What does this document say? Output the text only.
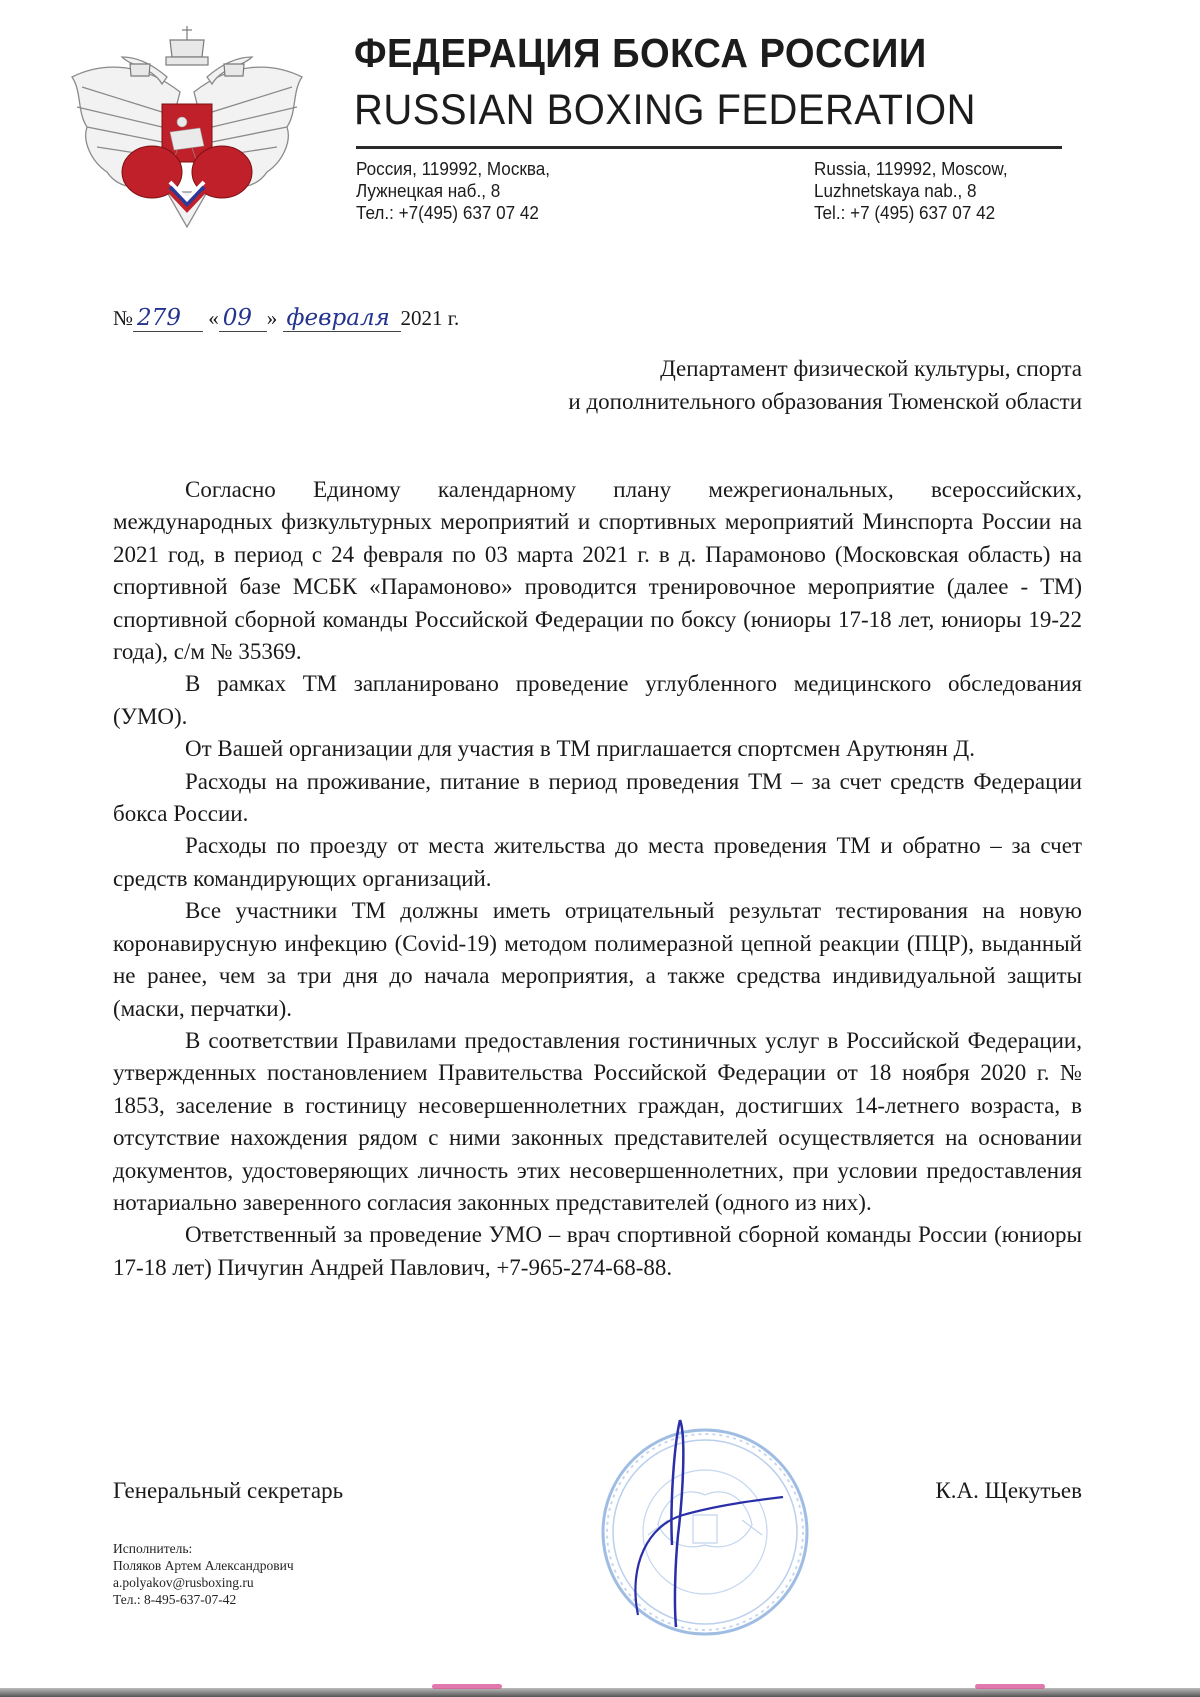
ФЕДЕРАЦИЯ БОКСА РОССИИ
RUSSIAN BOXING FEDERATION
Россия, 119992, Москва,
Лужнецкая наб., 8
Тел.: +7(495) 637 07 42
Russia, 119992, Moscow,
Luzhnetskaya nab., 8
Tel.: +7 (495) 637 07 42
№ 279 « 09 » февраля 2021 г.
Департамент физической культуры, спорта
и дополнительного образования Тюменской области

Согласно Единому календарному плану межрегиональных, всероссийских, международных физкультурных мероприятий и спортивных мероприятий Минспорта России на 2021 год, в период с 24 февраля по 03 марта 2021 г. в д. Парамоново (Московская область) на спортивной базе МСБК «Парамоново» проводится тренировочное мероприятие (далее - ТМ) спортивной сборной команды Российской Федерации по боксу (юниоры 17-18 лет, юниоры 19-22 года), с/м № 35369.

В рамках ТМ запланировано проведение углубленного медицинского обследования (УМО).

От Вашей организации для участия в ТМ приглашается спортсмен Арутюнян Д.

Расходы на проживание, питание в период проведения ТМ – за счет средств Федерации бокса России.

Расходы по проезду от места жительства до места проведения ТМ и обратно – за счет средств командирующих организаций.

Все участники ТМ должны иметь отрицательный результат тестирования на новую коронавирусную инфекцию (Covid-19) методом полимеразной цепной реакции (ПЦР), выданный не ранее, чем за три дня до начала мероприятия, а также средства индивидуальной защиты (маски, перчатки).

В соответствии Правилами предоставления гостиничных услуг в Российской Федерации, утвержденных постановлением Правительства Российской Федерации от 18 ноября 2020 г. № 1853, заселение в гостиницу несовершеннолетних граждан, достигших 14-летнего возраста, в отсутствие нахождения рядом с ними законных представителей осуществляется на основании документов, удостоверяющих личность этих несовершеннолетних, при условии предоставления нотариально заверенного согласия законных представителей (одного из них).

Ответственный за проведение УМО – врач спортивной сборной команды России (юниоры 17-18 лет) Пичугин Андрей Павлович, +7-965-274-68-88.

Генеральный секретарь	К.А. Щекутьев
Исполнитель:
Поляков Артем Александрович
a.polyakov@rusboxing.ru
Тел.: 8-495-637-07-42
